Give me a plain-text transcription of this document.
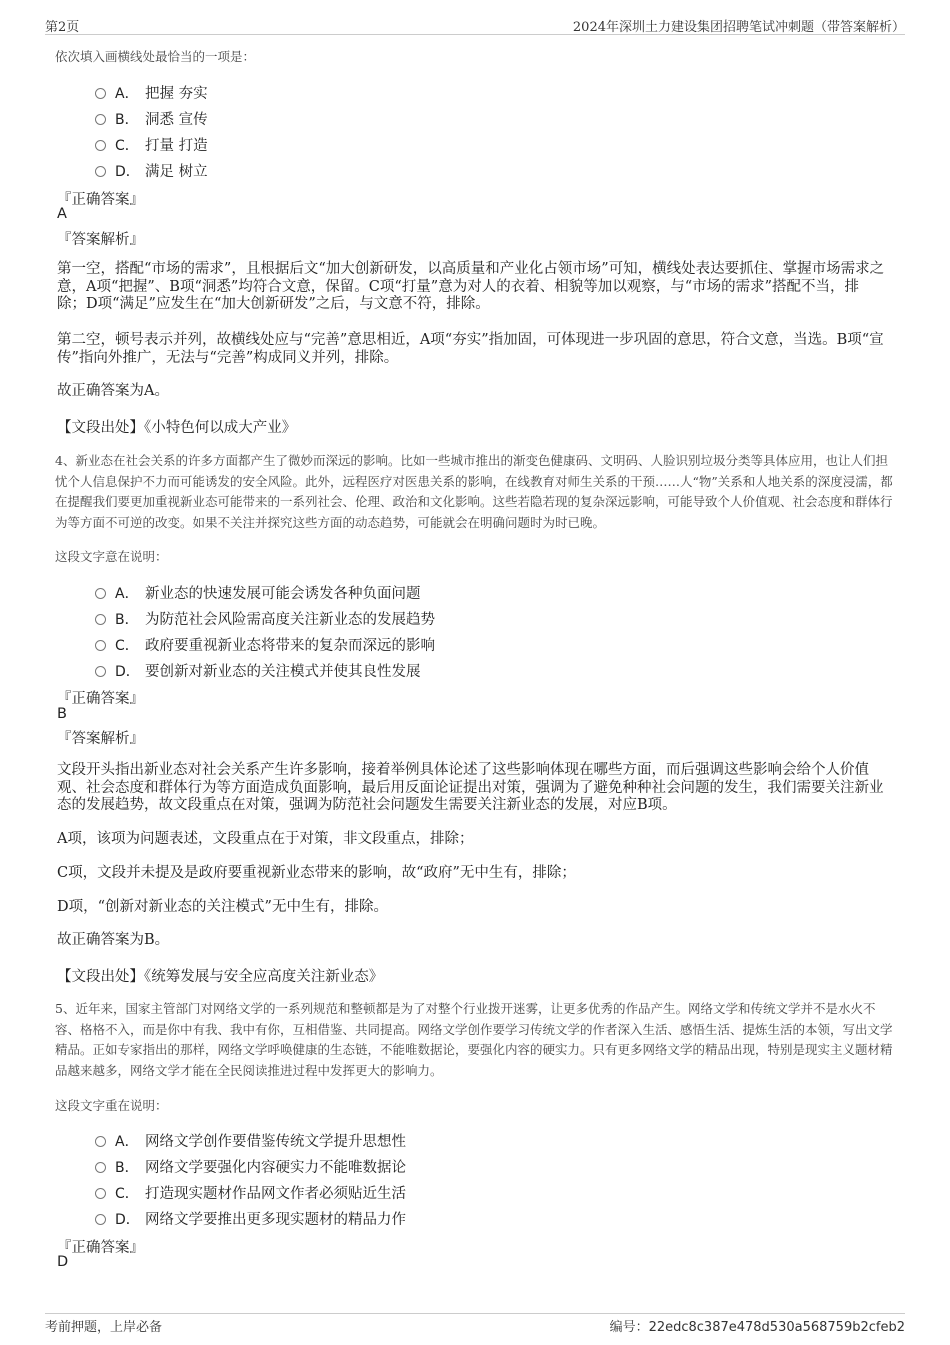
第2页	2024年深圳土力建设集团招聘笔试冲刺题（带答案解析）
依次填入画横线处最恰当的一项是：
A． 把握 夯实
B． 洞悉 宣传
C． 打量 打造
D． 满足 树立
『正确答案』
A
『答案解析』
第一空，搭配“市场的需求”，且根据后文“加大创新研发，以高质量和产业化占领市场”可知，横线处表达要抓住、掌握市场需求之意，A项“把握”、B项“洞悉”均符合文意，保留。C项“打量”意为对人的衣着、相貌等加以观察，与“市场的需求”搭配不当，排除；D项“满足”应发生在“加大创新研发”之后，与文意不符，排除。
第二空，顿号表示并列，故横线处应与“完善”意思相近，A项“夯实”指加固，可体现进一步巩固的意思，符合文意，当选。B项“宣传”指向外推广，无法与“完善”构成同义并列，排除。
故正确答案为A。
【文段出处】《小特色何以成大产业》
4、新业态在社会关系的许多方面都产生了微妙而深远的影响。比如一些城市推出的渐变色健康码、文明码、人脸识别垃圾分类等具体应用，也让人们担忧个人信息保护不力而可能诱发的安全风险。此外，远程医疗对医患关系的影响，在线教育对师生关系的干预……人“物”关系和人地关系的深度浸濡，都在提醒我们要更加重视新业态可能带来的一系列社会、伦理、政治和文化影响。这些若隐若现的复杂深远影响，可能导致个人价值观、社会态度和群体行为等方面不可逆的改变。如果不关注并探究这些方面的动态趋势，可能就会在明确问题时为时已晚。
这段文字意在说明：
A． 新业态的快速发展可能会诱发各种负面问题
B． 为防范社会风险需高度关注新业态的发展趋势
C． 政府要重视新业态将带来的复杂而深远的影响
D． 要创新对新业态的关注模式并使其良性发展
『正确答案』
B
『答案解析』
文段开头指出新业态对社会关系产生许多影响，接着举例具体论述了这些影响体现在哪些方面，而后强调这些影响会给个人价值观、社会态度和群体行为等方面造成负面影响，最后用反面论证提出对策，强调为了避免种种社会问题的发生，我们需要关注新业态的发展趋势，故文段重点在对策，强调为防范社会问题发生需要关注新业态的发展，对应B项。
A项，该项为问题表述，文段重点在于对策，非文段重点，排除；
C项，文段并未提及是政府要重视新业态带来的影响，故“政府”无中生有，排除；
D项，“创新对新业态的关注模式”无中生有，排除。
故正确答案为B。
【文段出处】《统筹发展与安全应高度关注新业态》
5、近年来，国家主管部门对网络文学的一系列规范和整顿都是为了对整个行业拨开迷雾，让更多优秀的作品产生。网络文学和传统文学并不是水火不容、格格不入，而是你中有我、我中有你，互相借鉴、共同提高。网络文学创作要学习传统文学的作者深入生活、感悟生活、提炼生活的本领，写出文学精品。正如专家指出的那样，网络文学呼唤健康的生态链，不能唯数据论，要强化内容的硬实力。只有更多网络文学的精品出现，特别是现实主义题材精品越来越多，网络文学才能在全民阅读推进过程中发挥更大的影响力。
这段文字重在说明：
A． 网络文学创作要借鉴传统文学提升思想性
B． 网络文学要强化内容硬实力不能唯数据论
C． 打造现实题材作品网文作者必须贴近生活
D． 网络文学要推出更多现实题材的精品力作
『正确答案』
D
考前押题，上岸必备	编号：22edc8c387e478d530a568759b2cfeb2
